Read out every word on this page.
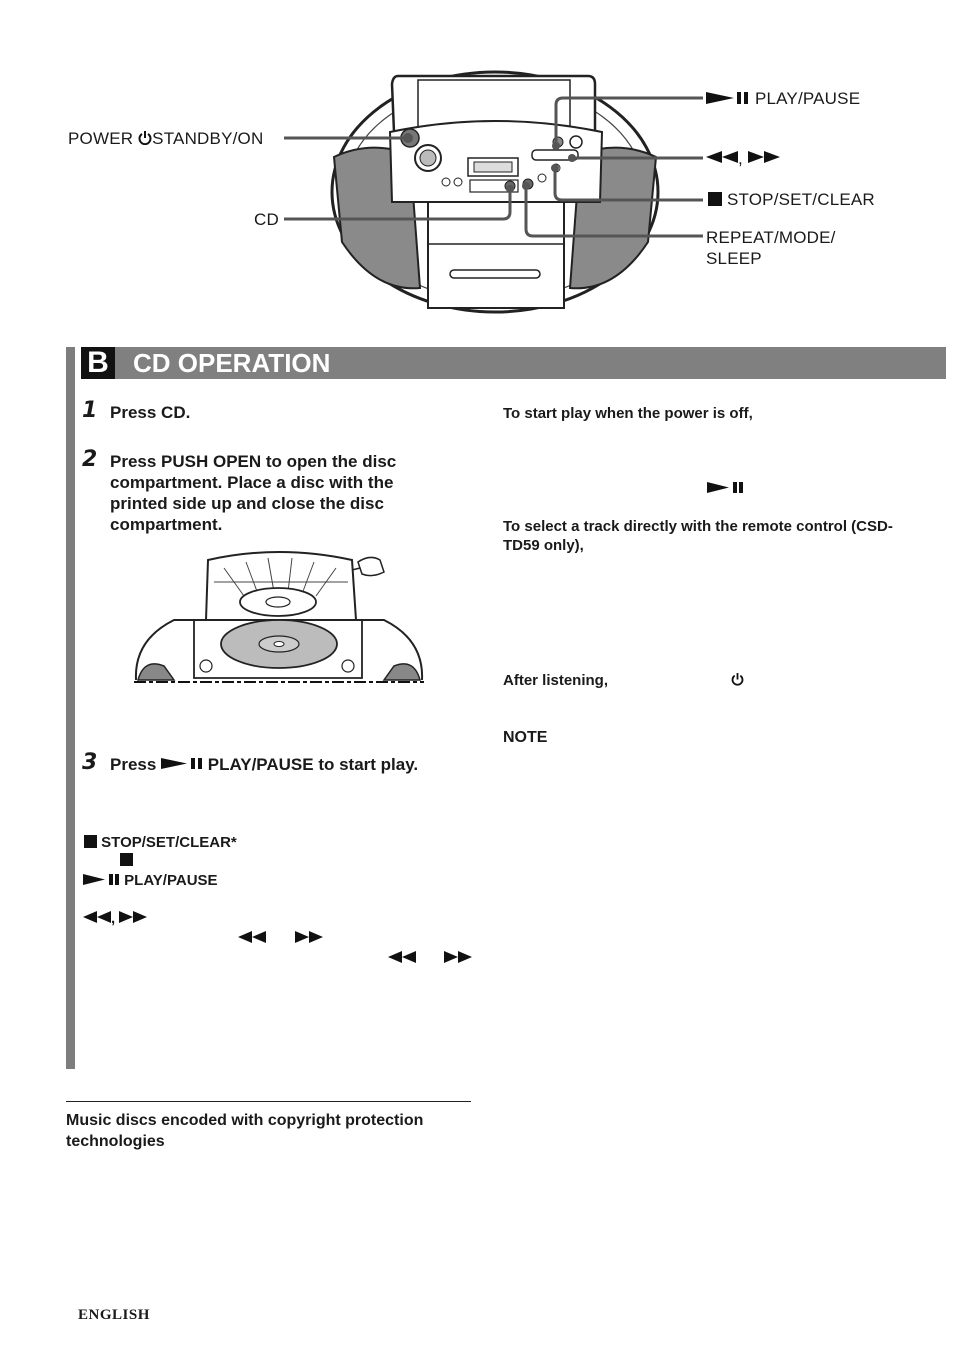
PLAY/PAUSE
,
STOP/SET/CLEAR
REPEAT/MODE/
SLEEP
POWER STANDBY/ON
CD
B CD OPERATION
1 Press CD.
2 Press PUSH OPEN to open the disc compartment. Place a disc with the printed side up and close the disc compartment.
3 Press	PLAY/PAUSE to start play.
STOP/SET/CLEAR*
PLAY/PAUSE
,
Music discs encoded with copyright protection technologies
To start play when the power is off,
To select a track directly with the remote control (CSD-TD59 only),
After listening,
NOTE
ENGLISH
